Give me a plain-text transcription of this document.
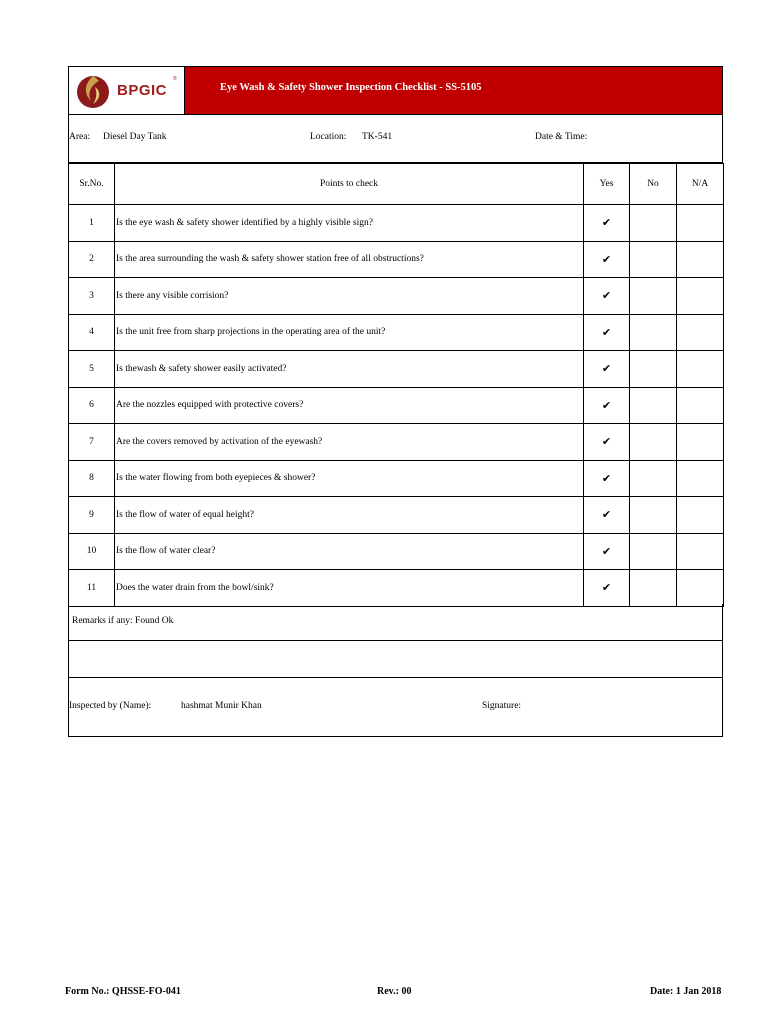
BPGIC
®
Eye Wash & Safety Shower Inspection Checklist - SS-5105
Area: Diesel Day Tank	Location: TK-541	Date & Time:
Sr.No.	Points to check	Yes	No	N/A
1	Is the eye wash & safety shower identified by a highly visible sign?	✔		
2	Is the area surrounding the wash & safety shower station free of all obstructions?	✔		
3	Is there any visible corrision?	✔		
4	Is the unit free from sharp projections in the operating area of the unit?	✔		
5	Is thewash & safety shower easily activated?	✔		
6	Are the nozzles equipped with protective covers?	✔		
7	Are the covers removed by activation of the eyewash?	✔		
8	Is the water flowing from both eyepieces & shower?	✔		
9	Is the flow of water of equal height?	✔		
10	Is the flow of water clear?	✔		
11	Does the water drain from the bowl/sink?	✔		
Remarks if any: Found Ok
Inspected by (Name):	hashmat Munir Khan	Signature:
Form No.: QHSSE-FO-041	Rev.: 00	Date: 1 Jan 2018
